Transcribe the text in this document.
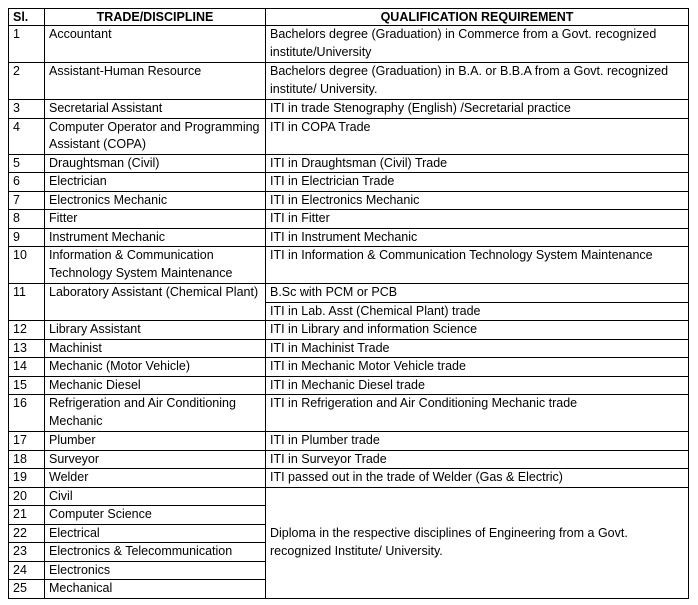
Sl.	TRADE/DISCIPLINE	QUALIFICATION REQUIREMENT
1	Accountant	Bachelors degree (Graduation) in Commerce from a Govt. recognized institute/University
2	Assistant-Human Resource	Bachelors degree (Graduation) in B.A. or B.B.A from a Govt. recognized institute/ University.
3	Secretarial Assistant	ITI in trade Stenography (English) /Secretarial practice
4	Computer Operator and Programming Assistant (COPA)	ITI in COPA Trade
5	Draughtsman (Civil)	ITI in Draughtsman (Civil) Trade
6	Electrician	ITI in Electrician Trade
7	Electronics Mechanic	ITI in Electronics Mechanic
8	Fitter	ITI in Fitter
9	Instrument Mechanic	ITI in Instrument Mechanic
10	Information & Communication Technology System Maintenance	ITI in Information & Communication Technology System Maintenance
11	Laboratory Assistant (Chemical Plant)	B.Sc with PCM or PCB
		ITI in Lab. Asst (Chemical Plant) trade
12	Library Assistant	ITI in Library and information Science
13	Machinist	ITI in Machinist Trade
14	Mechanic (Motor Vehicle)	ITI in Mechanic Motor Vehicle trade
15	Mechanic Diesel	ITI in Mechanic Diesel trade
16	Refrigeration and Air Conditioning Mechanic	ITI in Refrigeration and Air Conditioning Mechanic trade
17	Plumber	ITI in Plumber trade
18	Surveyor	ITI in Surveyor Trade
19	Welder	ITI passed out in the trade of Welder (Gas & Electric)
20	Civil	Diploma in the respective disciplines of Engineering from a Govt. recognized Institute/ University.
21	Computer Science	
22	Electrical	
23	Electronics & Telecommunication	
24	Electronics	
25	Mechanical	
